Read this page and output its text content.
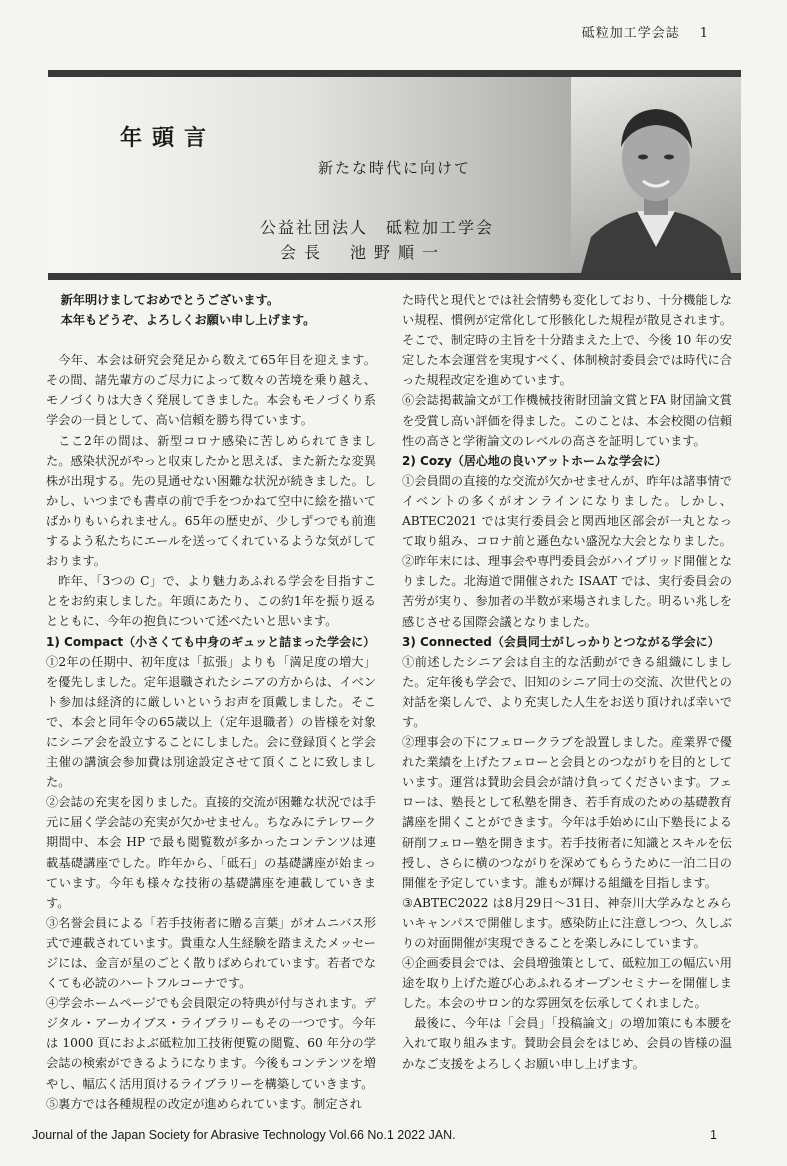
砥粒加工学会誌 1
年頭言
新たな時代に向けて
公益社団法人　砥粒加工学会
会長 池野順一

新年明けましておめでとうございます。

本年もどうぞ、よろしくお願い申し上げます。

今年、本会は研究会発足から数えて65年目を迎えます。その間、諸先輩方のご尽力によって数々の苦境を乗り越え、モノづくりは大きく発展してきました。本会もモノづくり系学会の一員として、高い信頼を勝ち得ています。

ここ2年の間は、新型コロナ感染に苦しめられてきました。感染状況がやっと収束したかと思えば、また新たな変異株が出現する。先の見通せない困難な状況が続きました。しかし、いつまでも書卓の前で手をつかねて空中に絵を描いてばかりもいられません。65年の歴史が、少しずつでも前進するよう私たちにエールを送ってくれているような気がしております。

昨年、「3つの C」で、より魅力あふれる学会を目指すことをお約束しました。年頭にあたり、この約1年を振り返るとともに、今年の抱負について述べたいと思います。

1) Compact（小さくても中身のギュッと詰まった学会に）

①2年の任期中、初年度は「拡張」よりも「満足度の増大」を優先しました。定年退職されたシニアの方からは、イベント参加は経済的に厳しいというお声を頂戴しました。そこで、本会と同年令の65歳以上（定年退職者）の皆様を対象にシニア会を設立することにしました。会に登録頂くと学会主催の講演会参加費は別途設定させて頂くことに致しました。

②会誌の充実を図りました。直接的交流が困難な状況では手元に届く学会誌の充実が欠かせません。ちなみにテレワーク期間中、本会 HP で最も閲覧数が多かったコンテンツは連載基礎講座でした。昨年から、「砥石」の基礎講座が始まっています。今年も様々な技術の基礎講座を連載していきます。

③名誉会員による「若手技術者に贈る言葉」がオムニバス形式で連載されています。貴重な人生経験を踏まえたメッセージには、金言が星のごとく散りばめられています。若者でなくても必読のハートフルコーナです。

④学会ホームページでも会員限定の特典が付与されます。デジタル・アーカイブス・ライブラリーもその一つです。今年は 1000 頁におよぶ砥粒加工技術便覧の閲覧、60 年分の学会誌の検索ができるようになります。今後もコンテンツを増やし、幅広く活用頂けるライブラリーを構築していきます。

⑤裏方では各種規程の改定が進められています。制定され

た時代と現代とでは社会情勢も変化しており、十分機能しない規程、慣例が定常化して形骸化した規程が散見されます。そこで、制定時の主旨を十分踏まえた上で、今後 10 年の安定した本会運営を実現すべく、体制検討委員会では時代に合った規程改定を進めています。

⑥会誌掲載論文が工作機械技術財団論文賞とFA 財団論文賞を受賞し高い評価を得ました。このことは、本会校閲の信頼性の高さと学術論文のレベルの高さを証明しています。

2) Cozy（居心地の良いアットホームな学会に）

①会員間の直接的な交流が欠かせませんが、昨年は諸事情でイベントの多くがオンラインになりました。しかし、ABTEC2021 では実行委員会と関西地区部会が一丸となって取り組み、コロナ前と遜色ない盛況な大会となりました。

②昨年末には、理事会や専門委員会がハイブリッド開催となりました。北海道で開催された ISAAT では、実行委員会の苦労が実り、参加者の半数が来場されました。明るい兆しを感じさせる国際会議となりました。

3) Connected（会員同士がしっかりとつながる学会に）

①前述したシニア会は自主的な活動ができる組織にしました。定年後も学会で、旧知のシニア同士の交流、次世代との対話を楽しんで、より充実した人生をお送り頂ければ幸いです。

②理事会の下にフェロークラブを設置しました。産業界で優れた業績を上げたフェローと会員とのつながりを目的としています。運営は賛助会員会が請け負ってくださいます。フェローは、塾長として私塾を開き、若手育成のための基礎教育講座を開くことができます。今年は手始めに山下塾長による研削フェロー塾を開きます。若手技術者に知識とスキルを伝授し、さらに横のつながりを深めてもらうために一泊二日の開催を予定しています。誰もが輝ける組織を目指します。

③ABTEC2022 は8月29日～31日、神奈川大学みなとみらいキャンパスで開催します。感染防止に注意しつつ、久しぶりの対面開催が実現できることを楽しみにしています。

④企画委員会では、会員増強策として、砥粒加工の幅広い用途を取り上げた遊び心あふれるオープンセミナーを開催しました。本会のサロン的な雰囲気を伝承してくれました。

最後に、今年は「会員」「投稿論文」の増加策にも本腰を入れて取り組みます。賛助会員会をはじめ、会員の皆様の温かなご支援をよろしくお願い申し上げます。

Journal of the Japan Society for Abrasive Technology Vol.66 No.1 2022 JAN.	1
